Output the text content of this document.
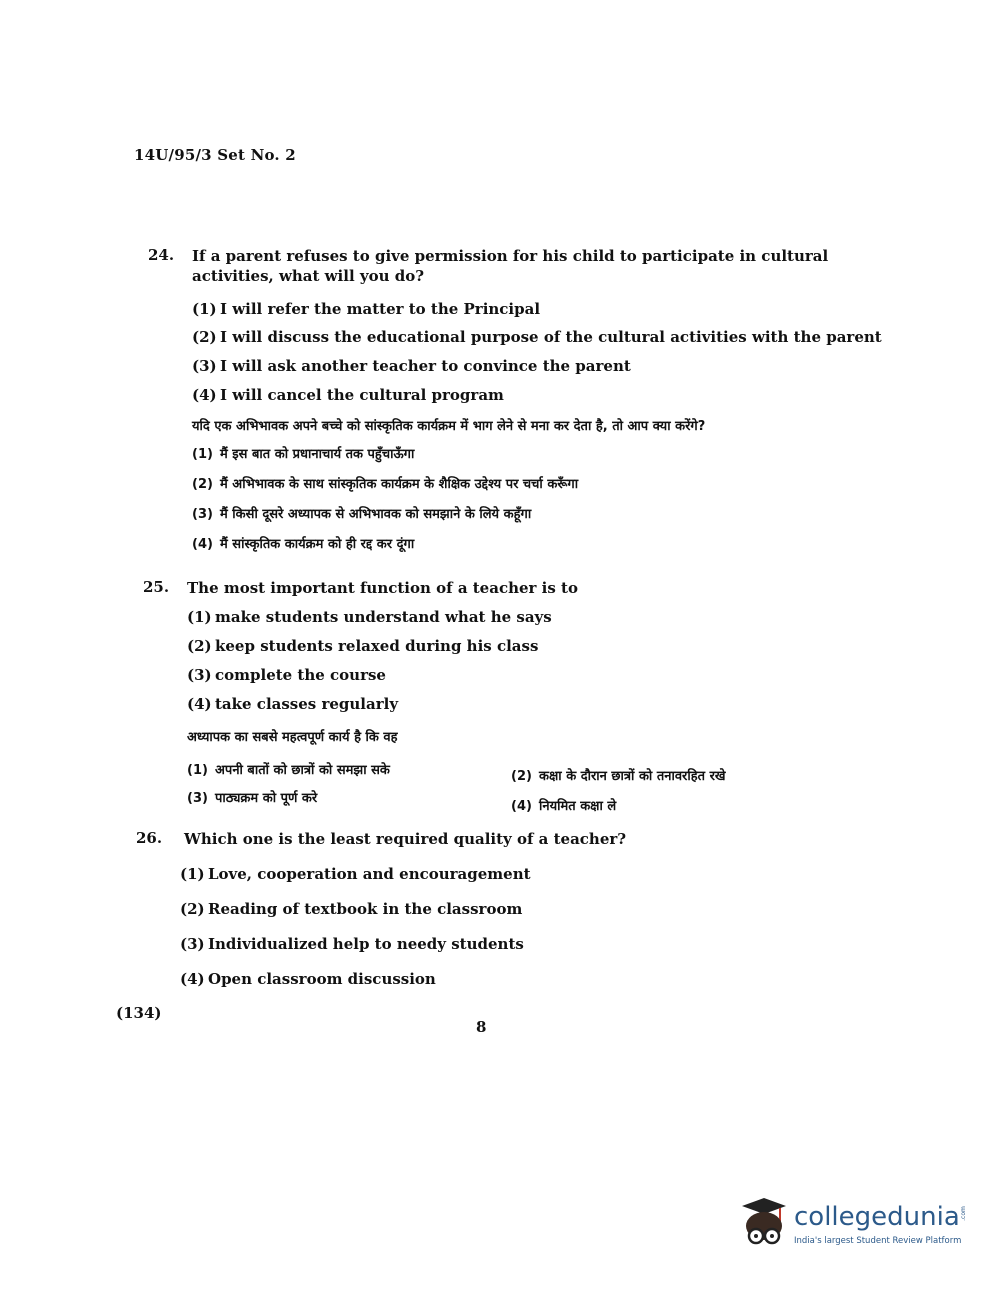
14U/95/3 Set No. 2
24. If a parent refuses to give permission for his child to participate in cultural activities, what will you do?
(1) I will refer the matter to the Principal
(2) I will discuss the educational purpose of the cultural activities with the parent
(3) I will ask another teacher to convince the parent
(4) I will cancel the cultural program
यदि एक अभिभावक अपने बच्चे को सांस्कृतिक कार्यक्रम में भाग लेने से मना कर देता है, तो आप क्या करेंगे?
(1) मैं इस बात को प्रधानाचार्य तक पहुँचाऊँगा
(2) मैं अभिभावक के साथ सांस्कृतिक कार्यक्रम के शैक्षिक उद्देश्य पर चर्चा करूँगा
(3) मैं किसी दूसरे अध्यापक से अभिभावक को समझाने के लिये कहूँगा
(4) मैं सांस्कृतिक कार्यक्रम को ही रद्द कर दूंगा
25. The most important function of a teacher is to
(1) make students understand what he says
(2) keep students relaxed during his class
(3) complete the course
(4) take classes regularly
अध्यापक का सबसे महत्वपूर्ण कार्य है कि वह
(1) अपनी बातों को छात्रों को समझा सके	(2) कक्षा के दौरान छात्रों को तनावरहित रखे
(3) पाठ्यक्रम को पूर्ण करे
(4) नियमित कक्षा ले
26. Which one is the least required quality of a teacher?
(1) Love, cooperation and encouragement
(2) Reading of textbook in the classroom
(3) Individualized help to needy students
(4) Open classroom discussion
(134)
8
collegedunia .com
India's largest Student Review Platform
